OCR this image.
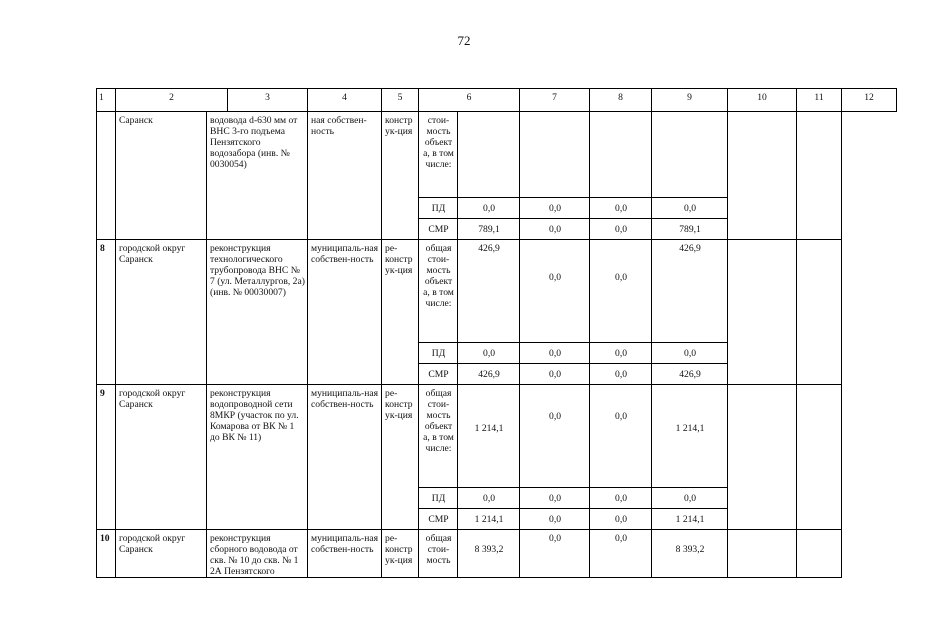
72
1	2		3	4	5	6		7	8	9	10	11	12
	Саранск	водовода d-630 мм от ВНС 3-го подъема Пензятского водозабора (инв. № 0030054)		ная собствен-ность	констр ук-ция	стои-мость объект а, в том числе:							
						ПД	0,0	0,0	0,0	0,0			
						СМР	789,1	0,0	0,0	789,1			
8	городской округ Саранск	реконструкция технологического трубопровода ВНС № 7 (ул. Металлургов, 2а) (инв. № 00030007)		муниципаль-ная собствен-ность	ре-констр ук-ция	общая стои-мость объект а, в том числе:	426,9	0,0	0,0	426,9			
						ПД	0,0	0,0	0,0	0,0			
						СМР	426,9	0,0	0,0	426,9			
9	городской округ Саранск	реконструкция водопроводной сети 8МКР (участок по ул. Комарова от ВК № 1 до ВК № 11)		муниципаль-ная собствен-ность	ре-констр ук-ция	общая стои-мость объект а, в том числе:	1 214,1	0,0	0,0	1 214,1			
						ПД	0,0	0,0	0,0	0,0			
						СМР	1 214,1	0,0	0,0	1 214,1			
10	городской округ Саранск	реконструкция сборного водовода от скв. № 10 до скв. № 1 2А Пензятского		муниципаль-ная собствен-ность	ре-констр ук-ция	общая стои-мость	8 393,2	0,0	0,0	8 393,2			
